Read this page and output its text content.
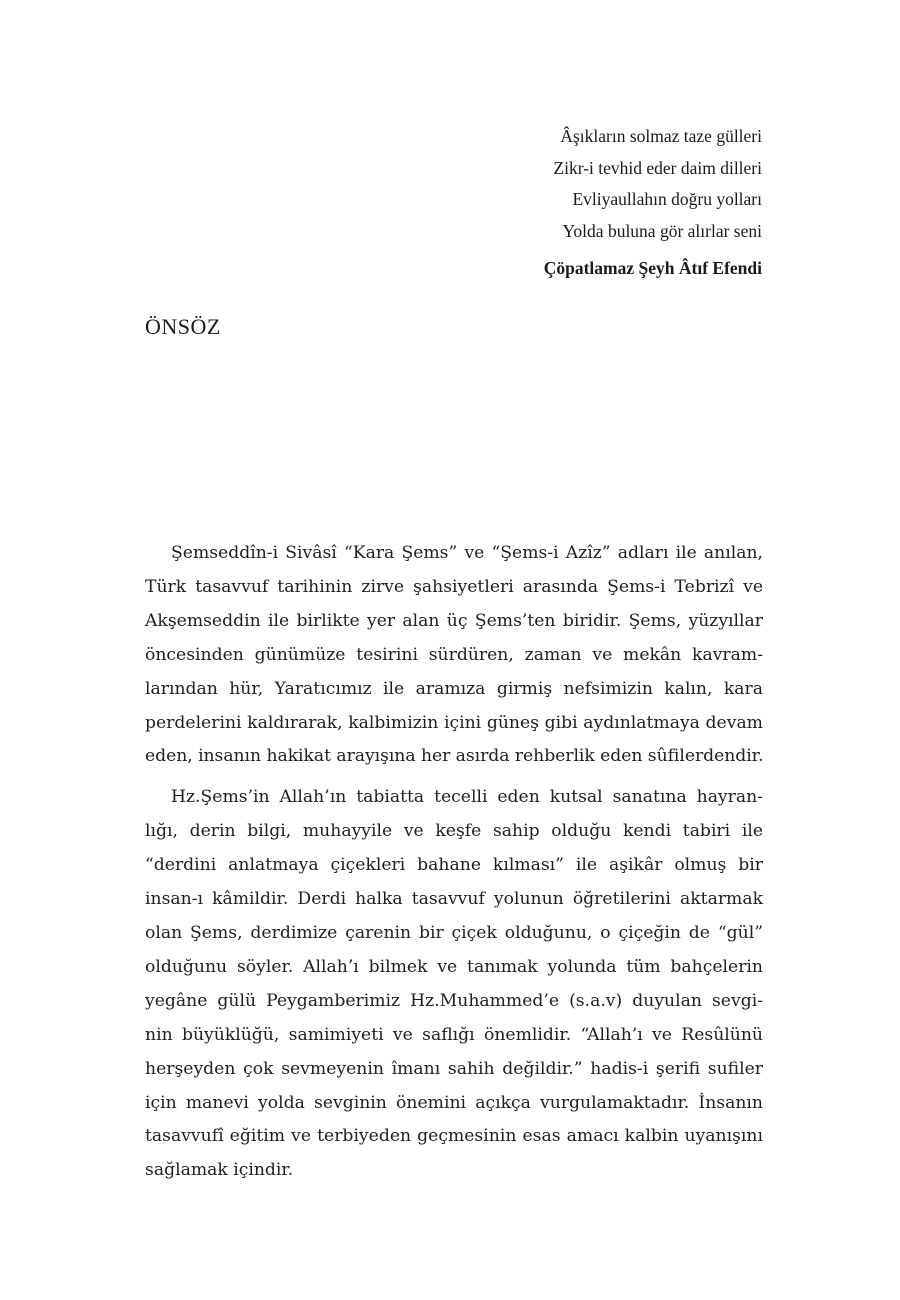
Âşıkların solmaz taze gülleri
Zikr-i tevhid eder daim dilleri
Evliyaullahın doğru yolları
Yolda buluna gör alırlar seni
Çöpatlamaz Şeyh Âtıf Efendi
ÖNSÖZ
Şemseddîn-i Sivâsî “Kara Şems” ve “Şems-i Azîz” adları ile anılan,
Türk tasavvuf tarihinin zirve şahsiyetleri arasında Şems-i Tebrizî ve
Akşemseddin ile birlikte yer alan üç Şems’ten biridir. Şems, yüzyıllar
öncesinden günümüze tesirini sürdüren, zaman ve mekân kavram-
larından hür, Yaratıcımız ile aramıza girmiş nefsimizin kalın, kara
perdelerini kaldırarak, kalbimizin içini güneş gibi aydınlatmaya devam
eden, insanın hakikat arayışına her asırda rehberlik eden sûfilerdendir.
Hz.Şems’in Allah’ın tabiatta tecelli eden kutsal sanatına hayran-
lığı, derin bilgi, muhayyile ve keşfe sahip olduğu kendi tabiri ile
“derdini anlatmaya çiçekleri bahane kılması” ile aşikâr olmuş bir
insan-ı kâmildir. Derdi halka tasavvuf yolunun öğretilerini aktarmak
olan Şems, derdimize çarenin bir çiçek olduğunu, o çiçeğin de “gül”
olduğunu söyler. Allah’ı bilmek ve tanımak yolunda tüm bahçelerin
yegâne gülü Peygamberimiz Hz.Muhammed’e (s.a.v) duyulan sevgi-
nin büyüklüğü, samimiyeti ve saflığı önemlidir. “Allah’ı ve Resûlünü
herşeyden çok sevmeyenin îmanı sahih değildir.” hadis-i şerifi sufiler
için manevi yolda sevginin önemini açıkça vurgulamaktadır. İnsanın
tasavvufî eğitim ve terbiyeden geçmesinin esas amacı kalbin uyanışını
sağlamak içindir.
